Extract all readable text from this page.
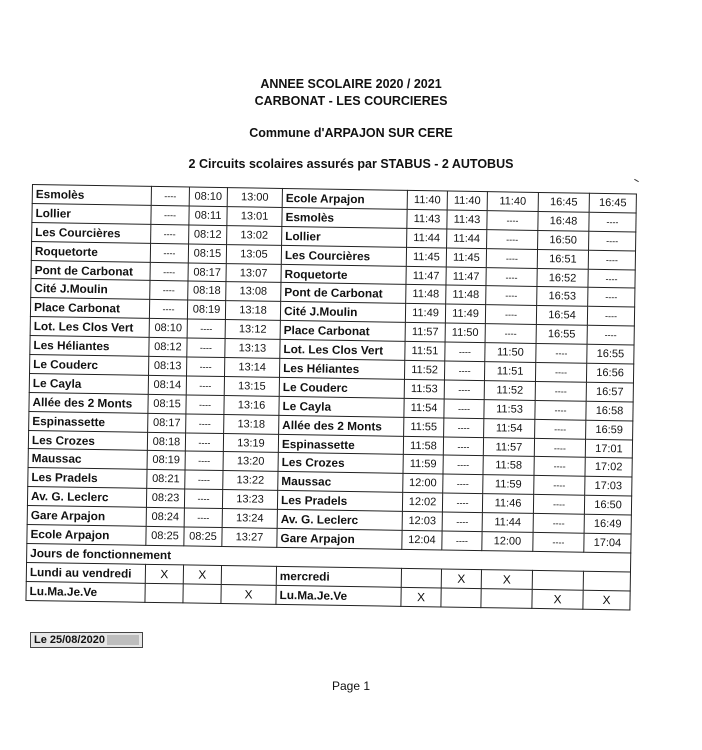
ANNEE SCOLAIRE 2020 / 2021
CARBONAT - LES COURCIERES
Commune d'ARPAJON SUR CERE
2 Circuits scolaires assurés par STABUS - 2 AUTOBUS
Esmolès	----	08:10	13:00	Ecole Arpajon	11:40	11:40	11:40	16:45	16:45
Lollier	----	08:11	13:01	Esmolès	11:43	11:43	----	16:48	----
Les Courcières	----	08:12	13:02	Lollier	11:44	11:44	----	16:50	----
Roquetorte	----	08:15	13:05	Les Courcières	11:45	11:45	----	16:51	----
Pont de Carbonat	----	08:17	13:07	Roquetorte	11:47	11:47	----	16:52	----
Cité J.Moulin	----	08:18	13:08	Pont de Carbonat	11:48	11:48	----	16:53	----
Place Carbonat	----	08:19	13:18	Cité J.Moulin	11:49	11:49	----	16:54	----
Lot. Les Clos Vert	08:10	----	13:12	Place Carbonat	11:57	11:50	----	16:55	----
Les Héliantes	08:12	----	13:13	Lot. Les Clos Vert	11:51	----	11:50	----	16:55
Le Couderc	08:13	----	13:14	Les Héliantes	11:52	----	11:51	----	16:56
Le Cayla	08:14	----	13:15	Le Couderc	11:53	----	11:52	----	16:57
Allée des 2 Monts	08:15	----	13:16	Le Cayla	11:54	----	11:53	----	16:58
Espinassette	08:17	----	13:18	Allée des 2 Monts	11:55	----	11:54	----	16:59
Les Crozes	08:18	----	13:19	Espinassette	11:58	----	11:57	----	17:01
Maussac	08:19	----	13:20	Les Crozes	11:59	----	11:58	----	17:02
Les Pradels	08:21	----	13:22	Maussac	12:00	----	11:59	----	17:03
Av. G. Leclerc	08:23	----	13:23	Les Pradels	12:02	----	11:46	----	16:50
Gare Arpajon	08:24	----	13:24	Av. G. Leclerc	12:03	----	11:44	----	16:49
Ecole Arpajon	08:25	08:25	13:27	Gare Arpajon	12:04	----	12:00	----	17:04
Jours de fonctionnement									
Lundi au vendredi	X	X		mercredi		X	X		
Lu.Ma.Je.Ve			X	Lu.Ma.Je.Ve	X			X	X
Le 25/08/2020
Page 1
